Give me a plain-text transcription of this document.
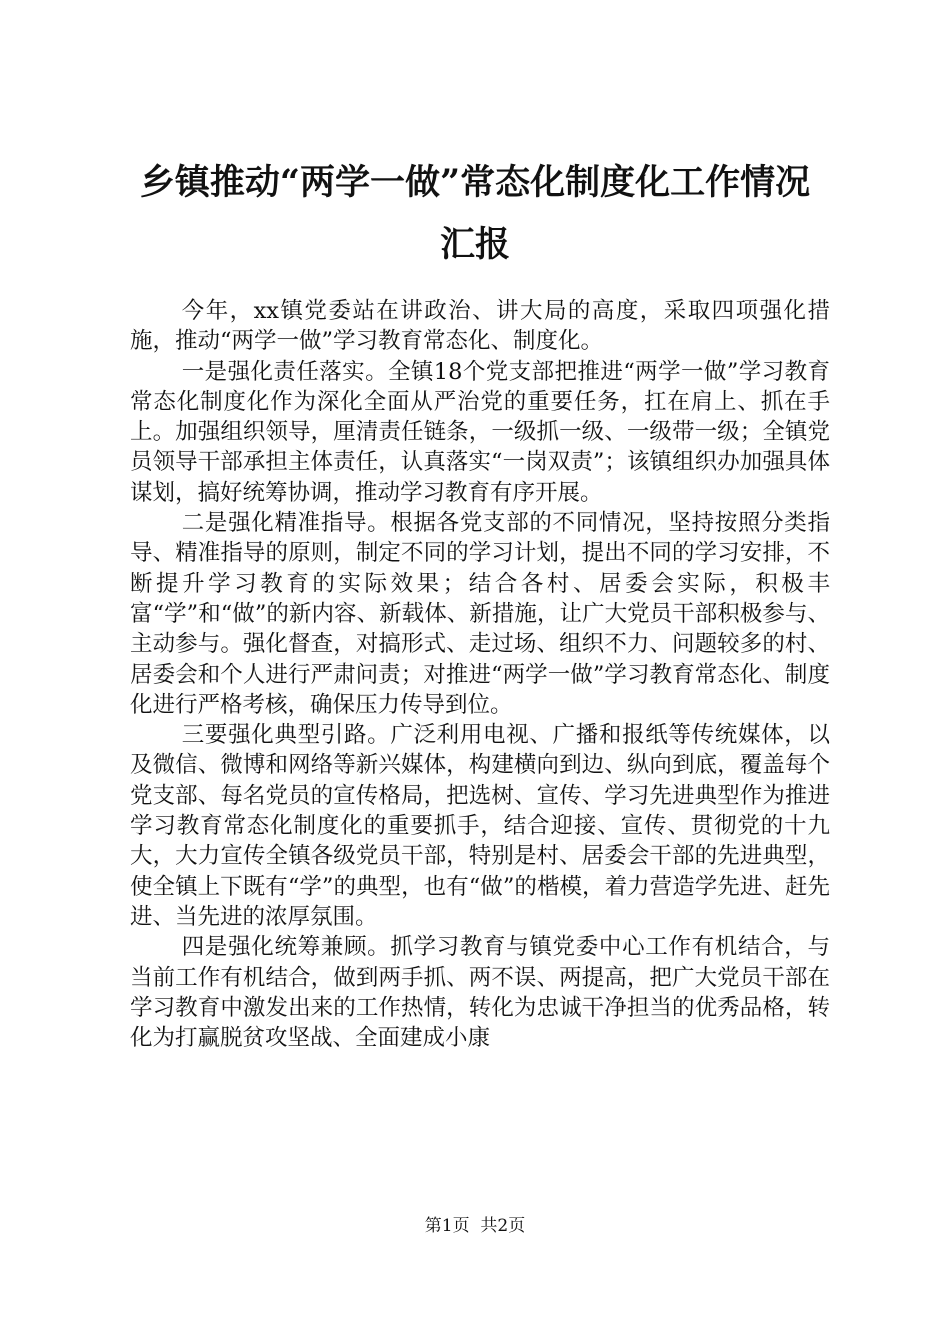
乡镇推动“两学一做”常态化制度化工作情况
汇报

今年，xx镇党委站在讲政治、讲大局的高度，采取四项强化措施，推动“两学一做”学习教育常态化、制度化。

一是强化责任落实。全镇18个党支部把推进“两学一做”学习教育常态化制度化作为深化全面从严治党的重要任务，扛在肩上、抓在手上。加强组织领导，厘清责任链条，一级抓一级、一级带一级；全镇党员领导干部承担主体责任，认真落实“一岗双责”；该镇组织办加强具体谋划，搞好统筹协调，推动学习教育有序开展。

二是强化精准指导。根据各党支部的不同情况，坚持按照分类指导、精准指导的原则，制定不同的学习计划，提出不同的学习安排，不断提升学习教育的实际效果；结合各村、居委会实际，积极丰富“学”和“做”的新内容、新载体、新措施，让广大党员干部积极参与、主动参与。强化督查，对搞形式、走过场、组织不力、问题较多的村、居委会和个人进行严肃问责；对推进“两学一做”学习教育常态化、制度化进行严格考核，确保压力传导到位。

三要强化典型引路。广泛利用电视、广播和报纸等传统媒体，以及微信、微博和网络等新兴媒体，构建横向到边、纵向到底，覆盖每个党支部、每名党员的宣传格局，把选树、宣传、学习先进典型作为推进学习教育常态化制度化的重要抓手，结合迎接、宣传、贯彻党的十九大，大力宣传全镇各级党员干部，特别是村、居委会干部的先进典型，使全镇上下既有“学”的典型，也有“做”的楷模，着力营造学先进、赶先进、当先进的浓厚氛围。

四是强化统筹兼顾。抓学习教育与镇党委中心工作有机结合，与当前工作有机结合，做到两手抓、两不误、两提高，把广大党员干部在学习教育中激发出来的工作热情，转化为忠诚干净担当的优秀品格，转化为打赢脱贫攻坚战、全面建成小康

第1页  共2页
